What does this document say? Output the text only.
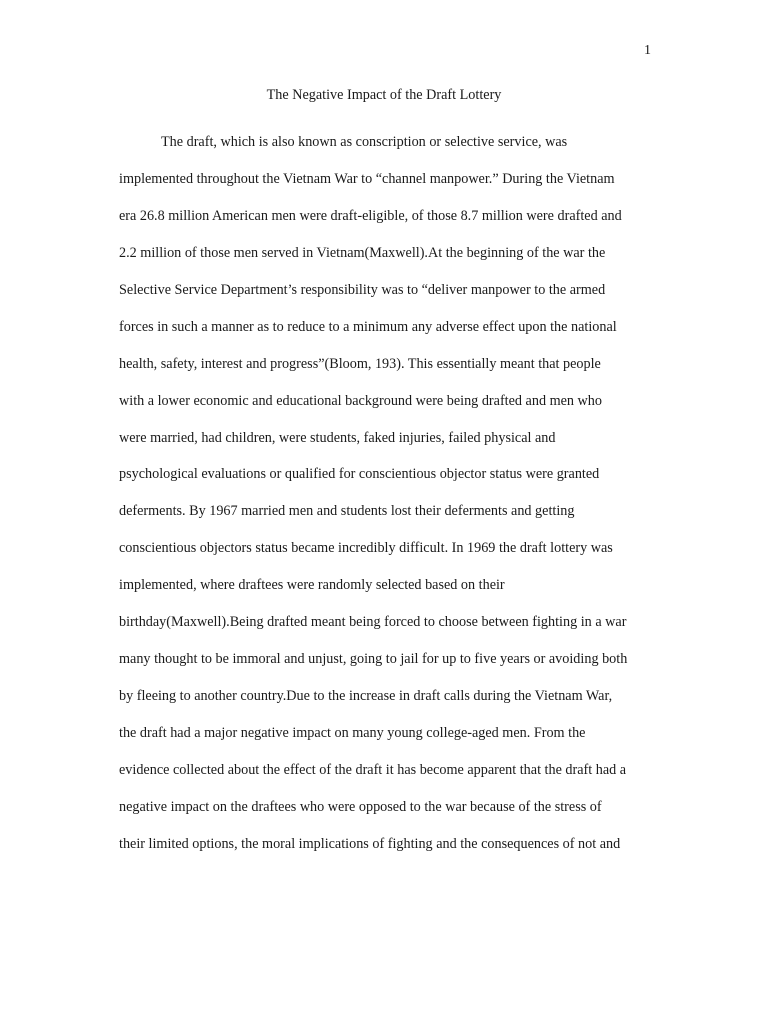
1
The Negative Impact of the Draft Lottery
The draft, which is also known as conscription or selective service, was
implemented throughout the Vietnam War to “channel manpower.” During the Vietnam
era 26.8 million American men were draft-eligible, of those 8.7 million were drafted and
2.2 million of those men served in Vietnam(Maxwell).At the beginning of the war the
Selective Service Department’s responsibility was to “deliver manpower to the armed
forces in such a manner as to reduce to a minimum any adverse effect upon the national
health, safety, interest and progress”(Bloom, 193). This essentially meant that people
with a lower economic and educational background were being drafted and men who
were married, had children, were students, faked injuries, failed physical and
psychological evaluations or qualified for conscientious objector status were granted
deferments. By 1967 married men and students lost their deferments and getting
conscientious objectors status became incredibly difficult. In 1969 the draft lottery was
implemented, where draftees were randomly selected based on their
birthday(Maxwell).Being drafted meant being forced to choose between fighting in a war
many thought to be immoral and unjust, going to jail for up to five years or avoiding both
by fleeing to another country.Due to the increase in draft calls during the Vietnam War,
the draft had a major negative impact on many young college-aged men. From the
evidence collected about the effect of the draft it has become apparent that the draft had a
negative impact on the draftees who were opposed to the war because of the stress of
their limited options, the moral implications of fighting and the consequences of not and
